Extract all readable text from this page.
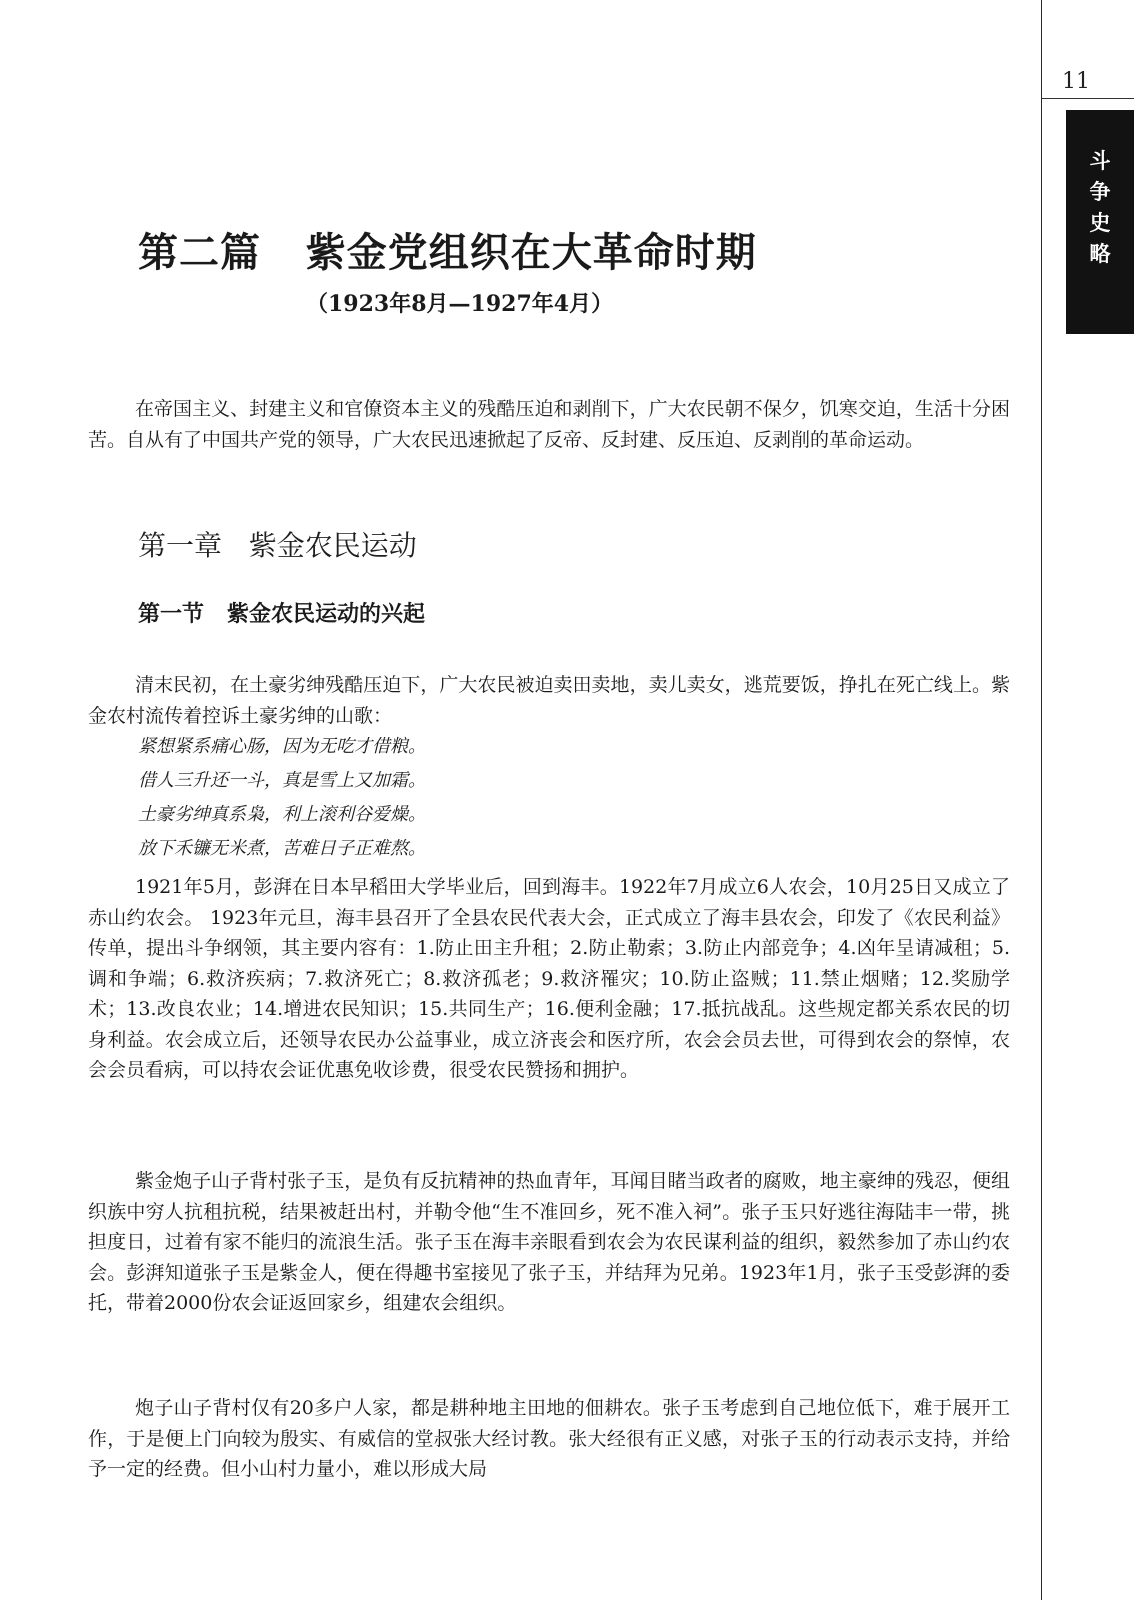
11
斗
争
史
略
第二篇   紫金党组织在大革命时期
（1923年8月—1927年4月）

在帝国主义、封建主义和官僚资本主义的残酷压迫和剥削下，广大农民朝不保夕，饥寒交迫，生活十分困苦。自从有了中国共产党的领导，广大农民迅速掀起了反帝、反封建、反压迫、反剥削的革命运动。

第一章   紫金农民运动
第一节   紫金农民运动的兴起

清末民初，在土豪劣绅残酷压迫下，广大农民被迫卖田卖地，卖儿卖女，逃荒要饭，挣扎在死亡线上。紫金农村流传着控诉土豪劣绅的山歌：

紧想紧系痛心肠，因为无吃才借粮。
借人三升还一斗，真是雪上又加霜。
土豪劣绅真系枭，利上滚利谷爱燥。
放下禾镰无米煮，苦难日子正难熬。

1921年5月，彭湃在日本早稻田大学毕业后，回到海丰。1922年7月成立6人农会，10月25日又成立了赤山约农会。 1923年元旦，海丰县召开了全县农民代表大会，正式成立了海丰县农会，印发了《农民利益》传单，提出斗争纲领，其主要内容有：1.防止田主升租；2.防止勒索；3.防止内部竞争；4.凶年呈请减租；5.调和争端；6.救济疾病；7.救济死亡；8.救济孤老；9.救济罹灾；10.防止盗贼；11.禁止烟赌；12.奖励学术；13.改良农业；14.增进农民知识；15.共同生产；16.便利金融；17.抵抗战乱。这些规定都关系农民的切身利益。农会成立后，还领导农民办公益事业，成立济丧会和医疗所，农会会员去世，可得到农会的祭悼，农会会员看病，可以持农会证优惠免收诊费，很受农民赞扬和拥护。

紫金炮子山子背村张子玉，是负有反抗精神的热血青年，耳闻目睹当政者的腐败，地主豪绅的残忍，便组织族中穷人抗租抗税，结果被赶出村，并勒令他“生不准回乡，死不准入祠”。张子玉只好逃往海陆丰一带，挑担度日，过着有家不能归的流浪生活。张子玉在海丰亲眼看到农会为农民谋利益的组织，毅然参加了赤山约农会。彭湃知道张子玉是紫金人，便在得趣书室接见了张子玉，并结拜为兄弟。1923年1月，张子玉受彭湃的委托，带着2000份农会证返回家乡，组建农会组织。

炮子山子背村仅有20多户人家，都是耕种地主田地的佃耕农。张子玉考虑到自己地位低下，难于展开工作，于是便上门向较为殷实、有威信的堂叔张大经讨教。张大经很有正义感，对张子玉的行动表示支持，并给予一定的经费。但小山村力量小，难以形成大局
